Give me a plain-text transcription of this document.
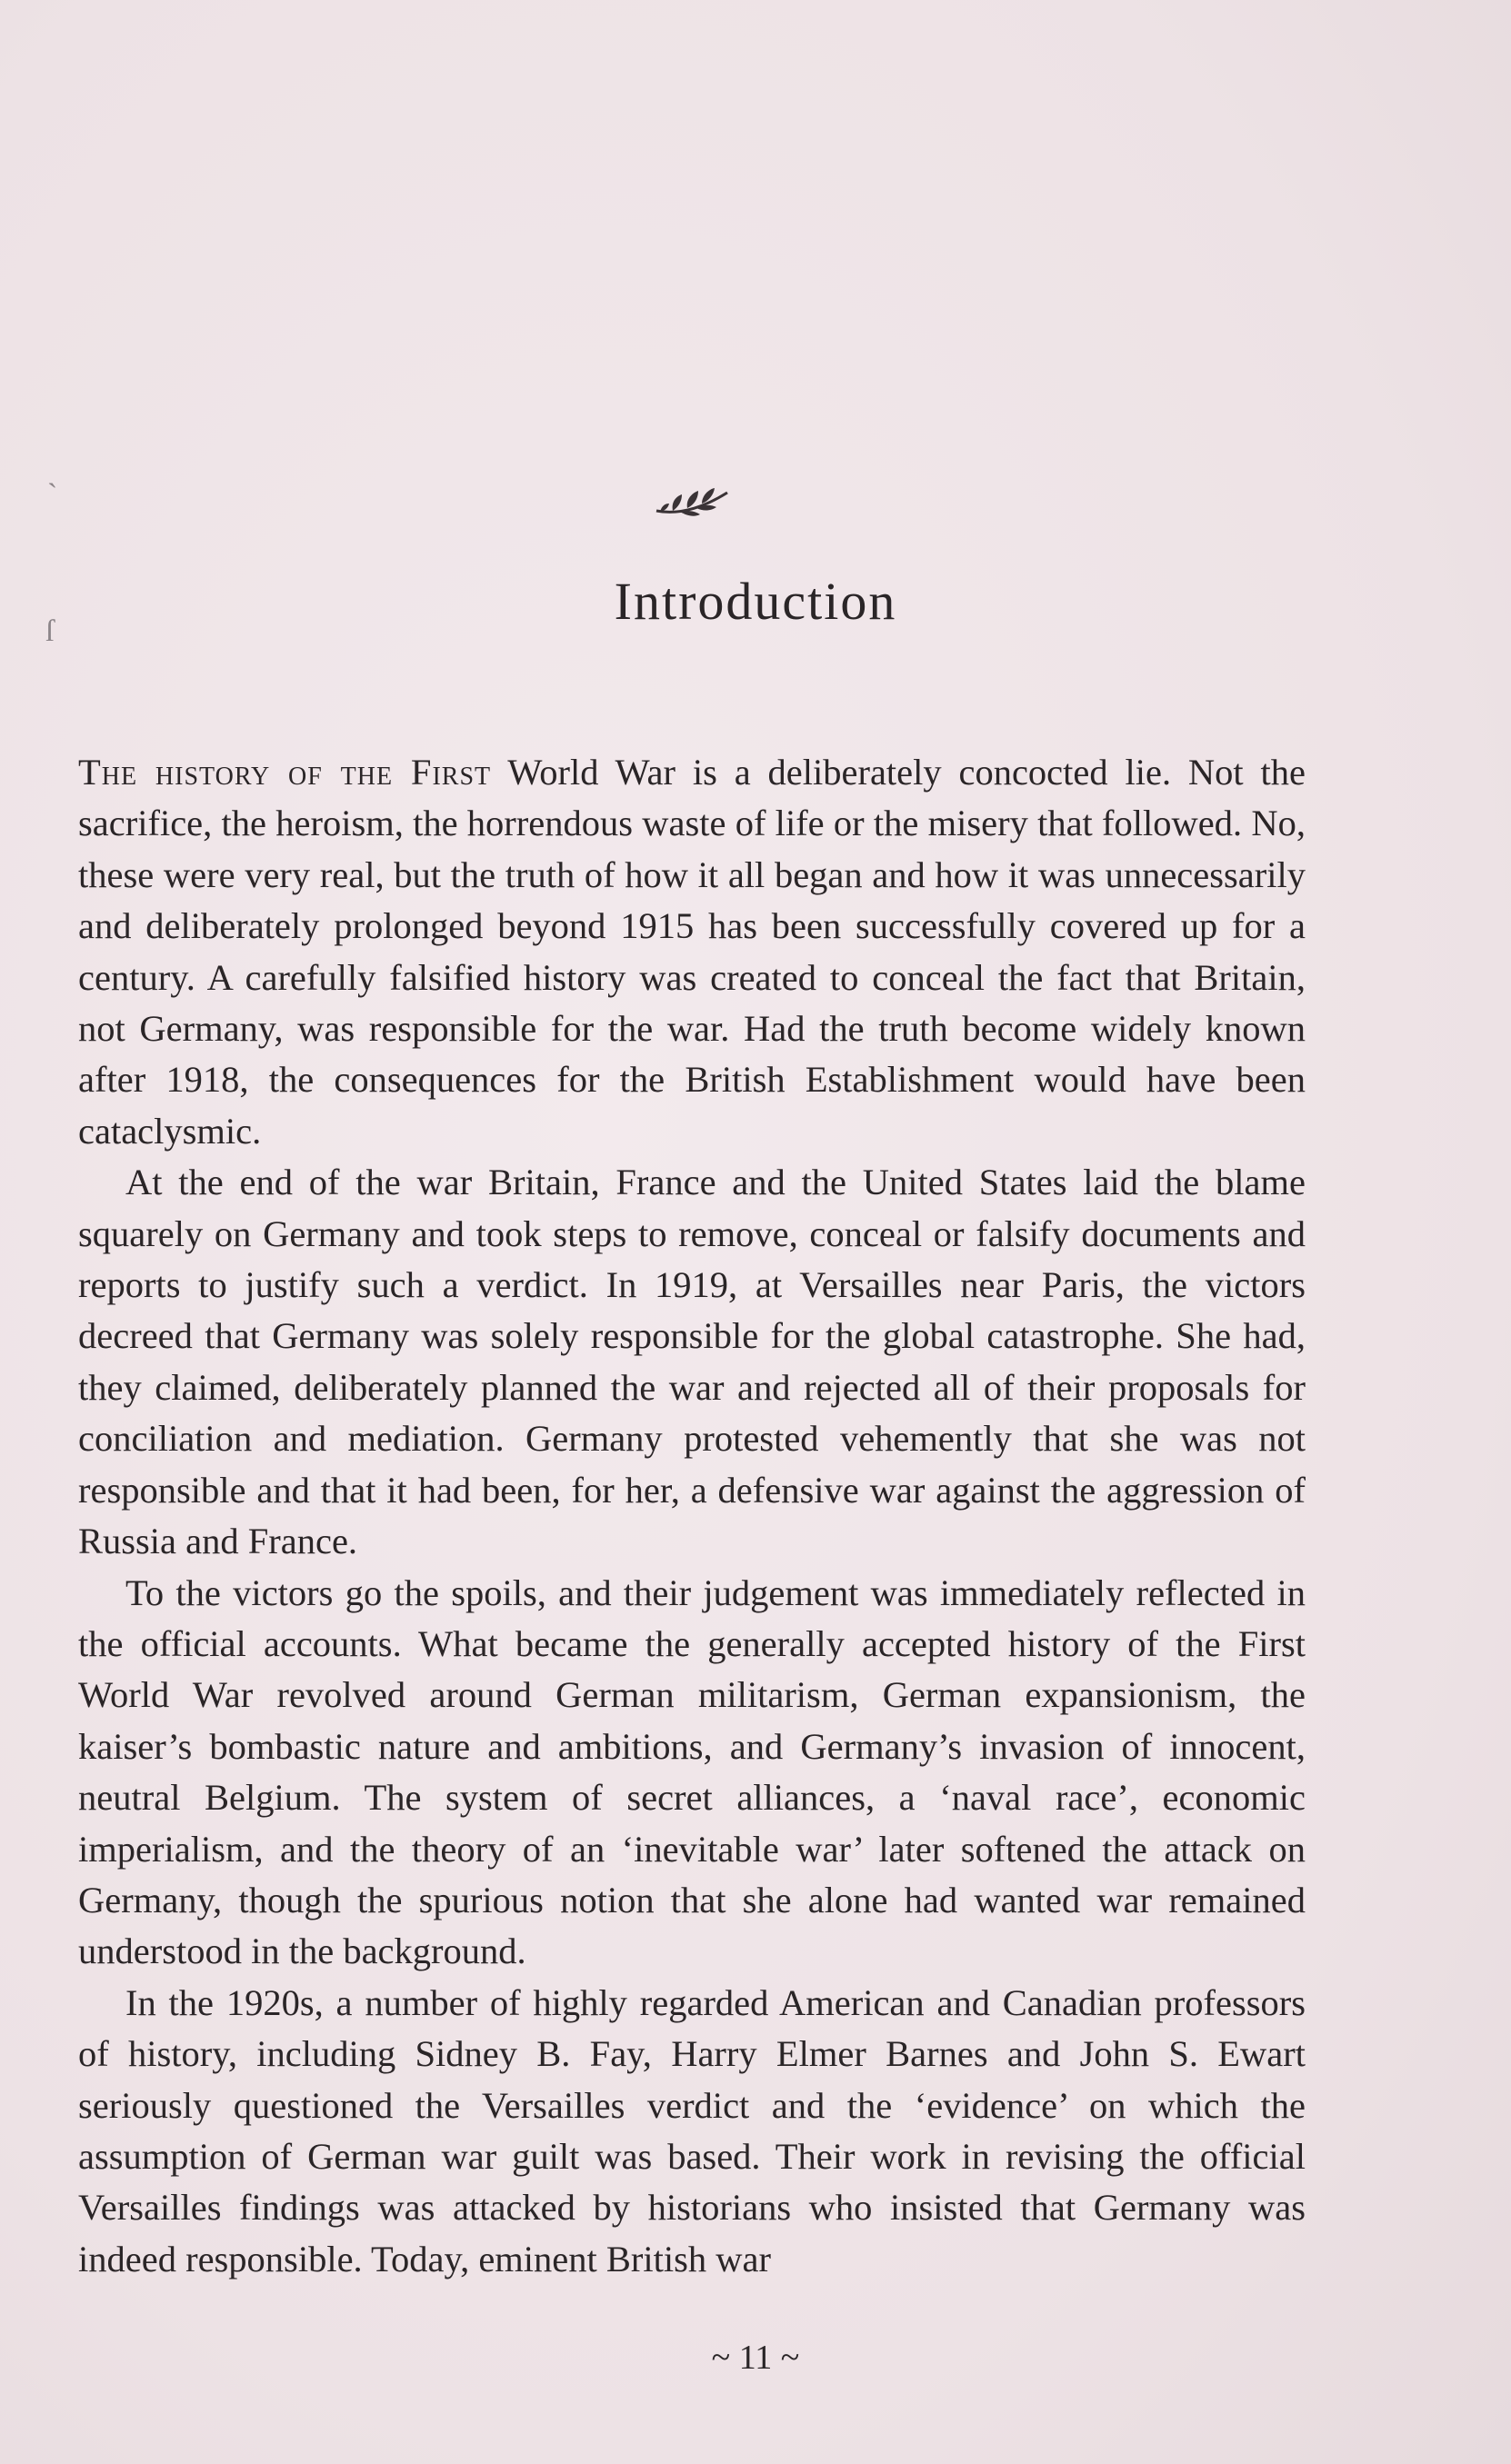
ˎ
ſ
Introduction

The history of the First World War is a deliberately concocted lie. Not the sacrifice, the heroism, the horrendous waste of life or the misery that followed. No, these were very real, but the truth of how it all began and how it was unnecessarily and deliberately prolonged beyond 1915 has been successfully covered up for a century. A carefully falsified history was created to conceal the fact that Britain, not Germany, was responsible for the war. Had the truth become widely known after 1918, the consequences for the British Establishment would have been cataclysmic.

At the end of the war Britain, France and the United States laid the blame squarely on Germany and took steps to remove, conceal or falsify documents and reports to justify such a verdict. In 1919, at Versailles near Paris, the victors decreed that Germany was solely responsible for the global catastrophe. She had, they claimed, deliberately planned the war and rejected all of their proposals for conciliation and mediation. Germany protested vehemently that she was not responsible and that it had been, for her, a defensive war against the aggression of Russia and France.

To the victors go the spoils, and their judgement was immediately reflected in the official accounts. What became the generally accepted history of the First World War revolved around German militarism, German expansionism, the kaiser’s bombastic nature and ambitions, and Germany’s invasion of innocent, neutral Belgium. The system of secret alliances, a ‘naval race’, economic imperialism, and the theory of an ‘inevitable war’ later softened the attack on Germany, though the spurious notion that she alone had wanted war remained understood in the background.

In the 1920s, a number of highly regarded American and Canadian professors of history, including Sidney B. Fay, Harry Elmer Barnes and John S. Ewart seriously questioned the Versailles verdict and the ‘evidence’ on which the assumption of German war guilt was based. Their work in revising the official Versailles findings was attacked by historians who insisted that Germany was indeed responsible. Today, eminent British war

~ 11 ~
